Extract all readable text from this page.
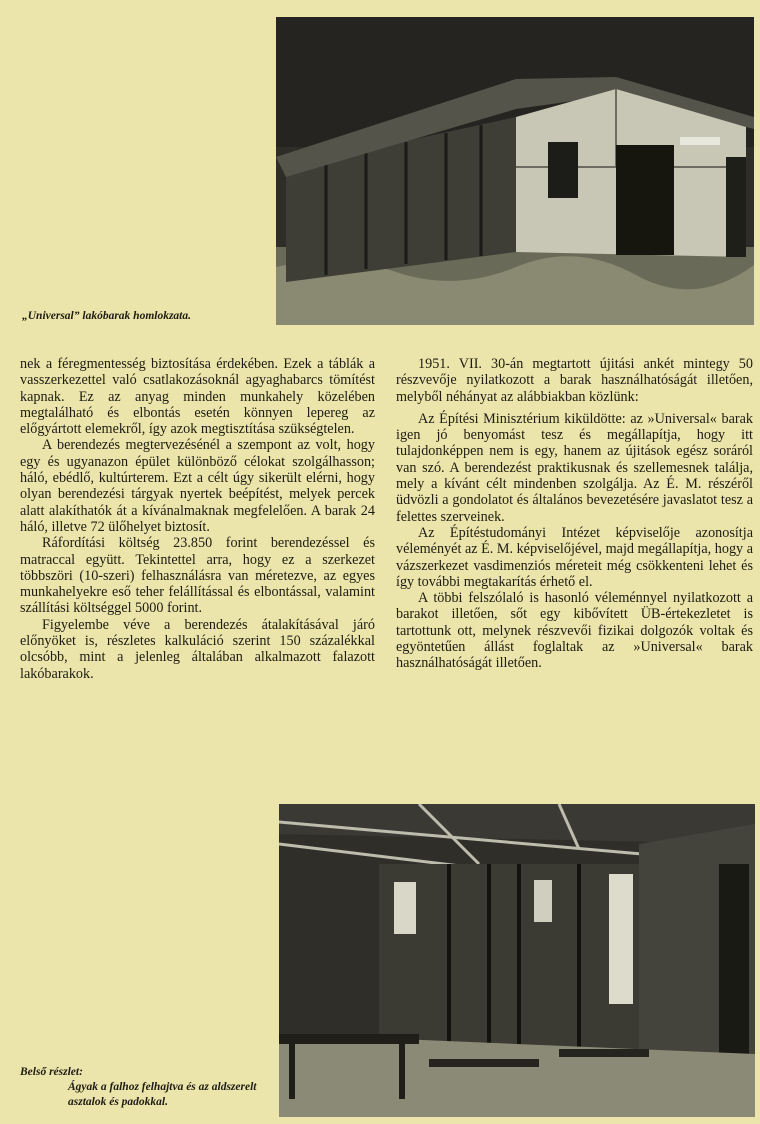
„Universal” lakóbarak homlokzata.

nek a féregmentesség biztosítása érdekében. Ezek a táblák a vasszerkezettel való csatlakozásoknál agyaghabarcs tömítést kapnak. Ez az anyag minden munkahely közelében megtalálható és elbontás esetén könnyen lepereg az előgyártott elemekről, így azok megtisztítása szükségtelen.

A berendezés megtervezésénél a szempont az volt, hogy egy és ugyanazon épület különböző célokat szolgálhasson; háló, ebédlő, kultúrterem. Ezt a célt úgy sikerült elérni, hogy olyan berendezési tárgyak nyertek beépítést, melyek percek alatt alakíthatók át a kívánalmaknak megfelelően. A barak 24 háló, illetve 72 ülőhelyet biztosít.

Ráfordítási költség 23.850 forint berendezéssel és matraccal együtt. Tekintettel arra, hogy ez a szerkezet többszöri (10-szeri) felhasználásra van méretezve, az egyes munkahelyekre eső teher felállítással és elbontással, valamint szállítási költséggel 5000 forint.

Figyelembe véve a berendezés átalakításával járó előnyöket is, részletes kalkuláció szerint 150 százalékkal olcsóbb, mint a jelenleg általában alkalmazott falazott lakóbarakok.

1951. VII. 30-án megtartott újitási ankét mintegy 50 részvevője nyilatkozott a barak használhatóságát illetően, melyből néhányat az alábbiakban közlünk:

Az Építési Minisztérium kiküldötte: az »Universal« barak igen jó benyomást tesz és megállapítja, hogy itt tulajdonképpen nem is egy, hanem az újitások egész soráról van szó. A berendezést praktikusnak és szellemesnek találja, mely a kívánt célt mindenben szolgálja. Az É. M. részéről üdvözli a gondolatot és általános bevezetésére javaslatot tesz a felettes szerveinek.

Az Építéstudományi Intézet képviselője azonosítja véleményét az É. M. képviselőjével, majd megállapítja, hogy a vázszerkezet vasdimenziós méreteit még csökkenteni lehet és így további megtakarítás érhető el.

A többi felszólaló is hasonló véleménnyel nyilatkozott a barakot illetően, sőt egy kibővített ÜB-értekezletet is tartottunk ott, melynek részvevői fizikai dolgozók voltak és egyöntetűen állást foglaltak az »Universal« barak használhatóságát illetően.

Belső részlet:
Ágyak a falhoz felhajtva és az aldszerelt asztalok és padokkal.
